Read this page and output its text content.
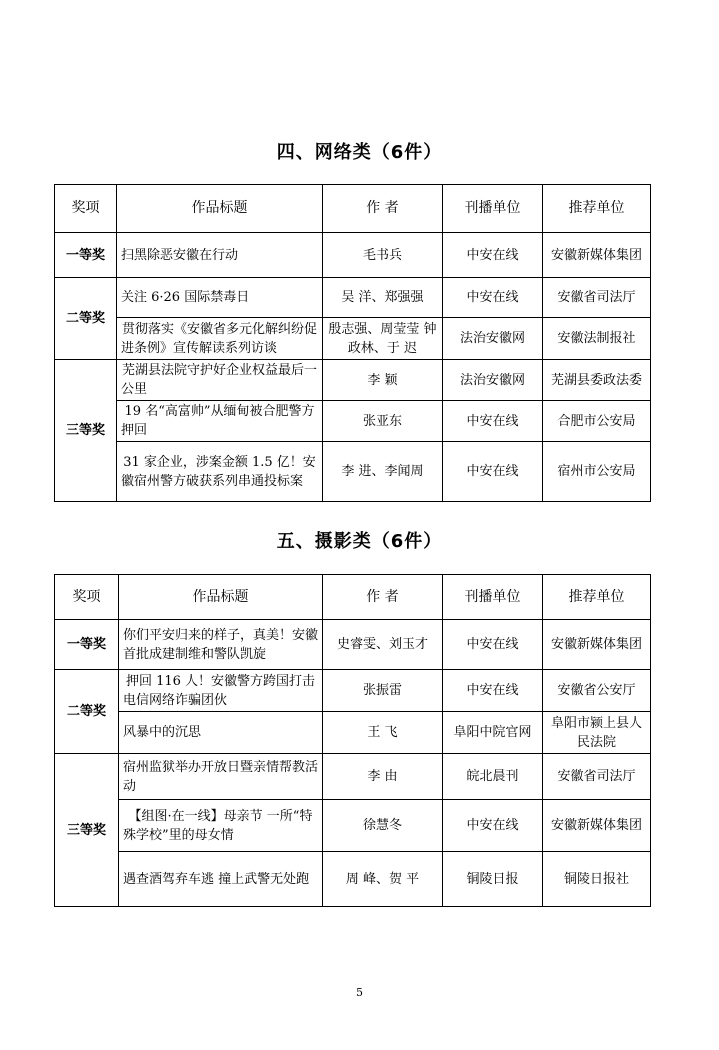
四、网络类（6件）
奖项	作品标题	作 者	刊播单位	推荐单位
一等奖	扫黑除恶安徽在行动	毛书兵	中安在线	安徽新媒体集团
二等奖	关注 6·26 国际禁毒日	吴 洋、郑强强	中安在线	安徽省司法厅
	贯彻落实《安徽省多元化解纠纷促进条例》宣传解读系列访谈	殷志强、周莹莹 钟政林、于 迟	法治安徽网	安徽法制报社
三等奖	芜湖县法院守护好企业权益最后一公里	李 颖	法治安徽网	芜湖县委政法委
	19 名“高富帅”从缅甸被合肥警方押回	张亚东	中安在线	合肥市公安局
	31 家企业，涉案金额 1.5 亿！安徽宿州警方破获系列串通投标案	李 进、李闻周	中安在线	宿州市公安局
五、摄影类（6件）
奖项	作品标题	作 者	刊播单位	推荐单位
一等奖	你们平安归来的样子，真美！安徽首批成建制维和警队凯旋	史睿雯、刘玉才	中安在线	安徽新媒体集团
二等奖	押回 116 人！安徽警方跨国打击电信网络诈骗团伙	张振雷	中安在线	安徽省公安厅
	风暴中的沉思	王 飞	阜阳中院官网	阜阳市颍上县人民法院
三等奖	宿州监狱举办开放日暨亲情帮教活动	李 由	皖北晨刊	安徽省司法厅
	【组图·在一线】母亲节 一所“特殊学校”里的母女情	徐慧冬	中安在线	安徽新媒体集团
	遇查酒驾弃车逃 撞上武警无处跑	周 峰、贺 平	铜陵日报	铜陵日报社
5
